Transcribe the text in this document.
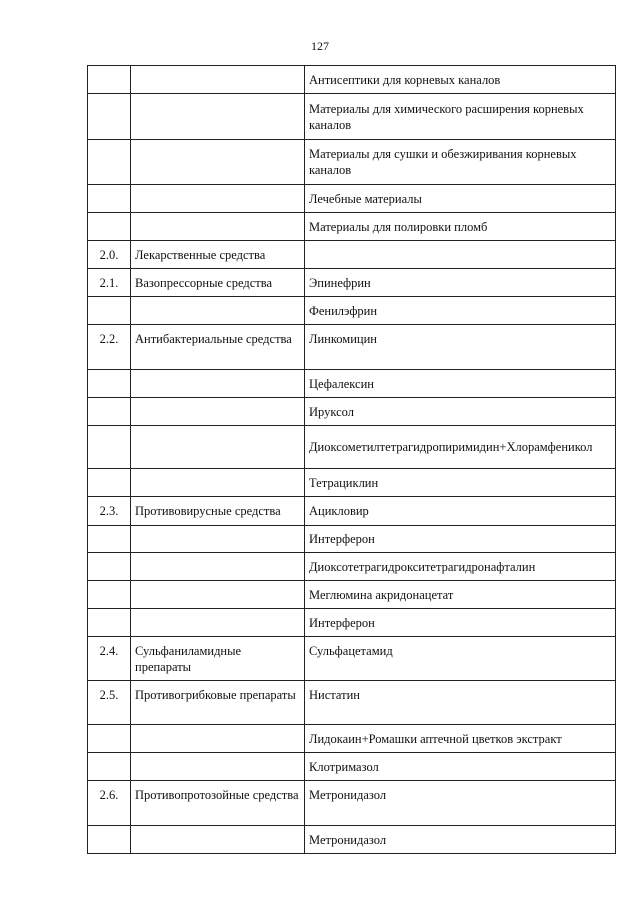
127
		Антисептики для корневых каналов
		Материалы для химического расширения корневых каналов
		Материалы для сушки и обезжиривания корневых каналов
		Лечебные материалы
		Материалы для полировки пломб
2.0.	Лекарственные средства	
2.1.	Вазопрессорные средства	Эпинефрин
		Фенилэфрин
2.2.	Антибактериальные средства	Линкомицин
		Цефалексин
		Ируксол
		Диоксометилтетрагидропиримидин+Хлорамфеникол
		Тетрациклин
2.3.	Противовирусные средства	Ацикловир
		Интерферон
		Диоксотетрагидрокситетрагидронафталин
		Меглюмина акридонацетат
		Интерферон
2.4.	Сульфаниламидные препараты	Сульфацетамид
2.5.	Противогрибковые препараты	Нистатин
		Лидокаин+Ромашки аптечной цветков экстракт
		Клотримазол
2.6.	Противопротозойные средства	Метронидазол
		Метронидазол
